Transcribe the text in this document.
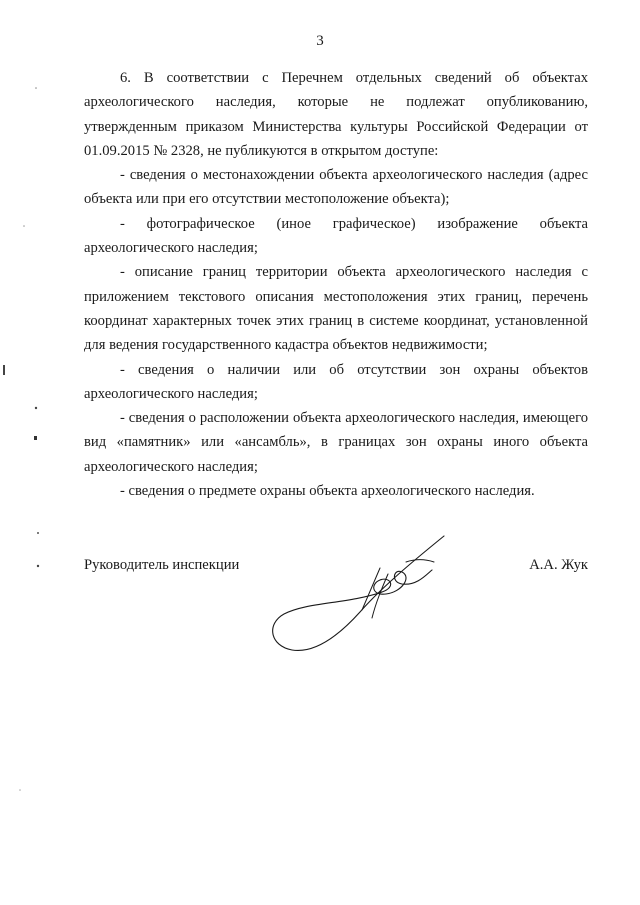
3

6. В соответствии с Перечнем отдельных сведений об объектах археологического наследия, которые не подлежат опубликованию, утвержденным приказом Министерства культуры Российской Федерации от 01.09.2015 № 2328, не публикуются в открытом доступе:

- сведения о местонахождении объекта археологического наследия (адрес объекта или при его отсутствии местоположение объекта);

- фотографическое (иное графическое) изображение объекта археологического наследия;

- описание границ территории объекта археологического наследия с приложением текстового описания местоположения этих границ, перечень координат характерных точек этих границ в системе координат, установленной для ведения государственного кадастра объектов недвижимости;

- сведения о наличии или об отсутствии зон охраны объектов археологического наследия;

- сведения о расположении объекта археологического наследия, имеющего вид «памятник» или «ансамбль», в границах зон охраны иного объекта археологического наследия;

- сведения о предмете охраны объекта археологического наследия.

Руководитель инспекции	А.А. Жук
